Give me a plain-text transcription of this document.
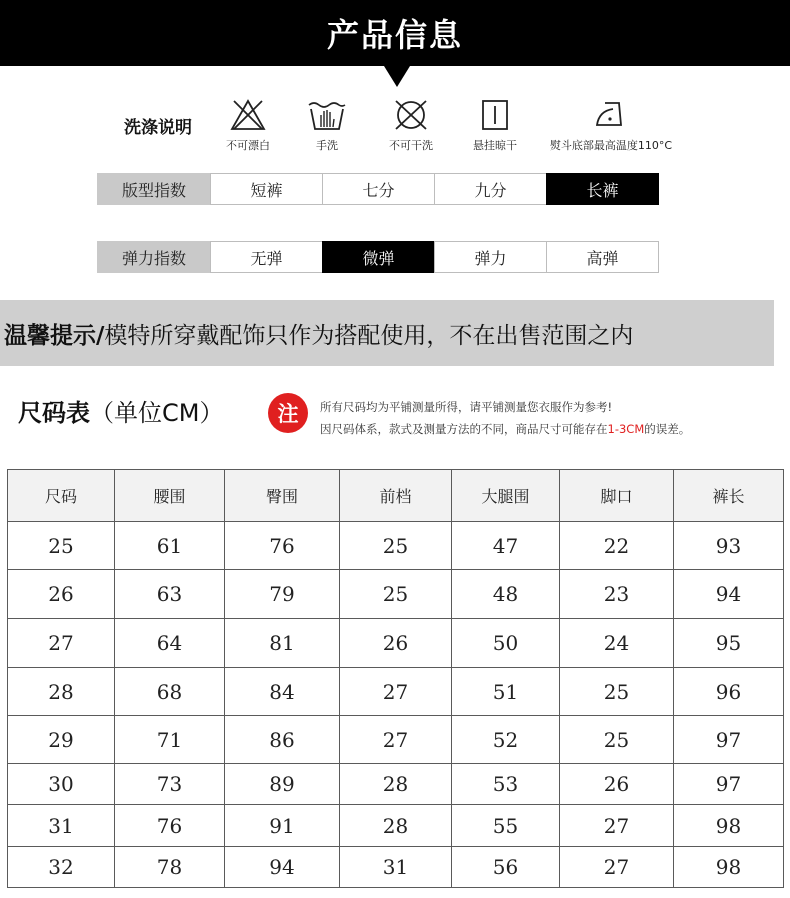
产品信息
洗涤说明
不可漂白	手洗	不可干洗	悬挂晾干	熨斗底部最高温度110°C
版型指数	短裤	七分	九分	长裤
弹力指数	无弹	微弹	弹力	高弹
温馨提示/ 模特所穿戴配饰只作为搭配使用，不在出售范围之内
尺码表（单位CM）	注	所有尺码均为平铺测量所得，请平铺测量您衣服作为参考!
因尺码体系，款式及测量方法的不同，商品尺寸可能存在1-3CM的误差。
尺码	腰围	臀围	前档	大腿围	脚口	裤长
25	61	76	25	47	22	93
26	63	79	25	48	23	94
27	64	81	26	50	24	95
28	68	84	27	51	25	96
29	71	86	27	52	25	97
30	73	89	28	53	26	97
31	76	91	28	55	27	98
32	78	94	31	56	27	98
